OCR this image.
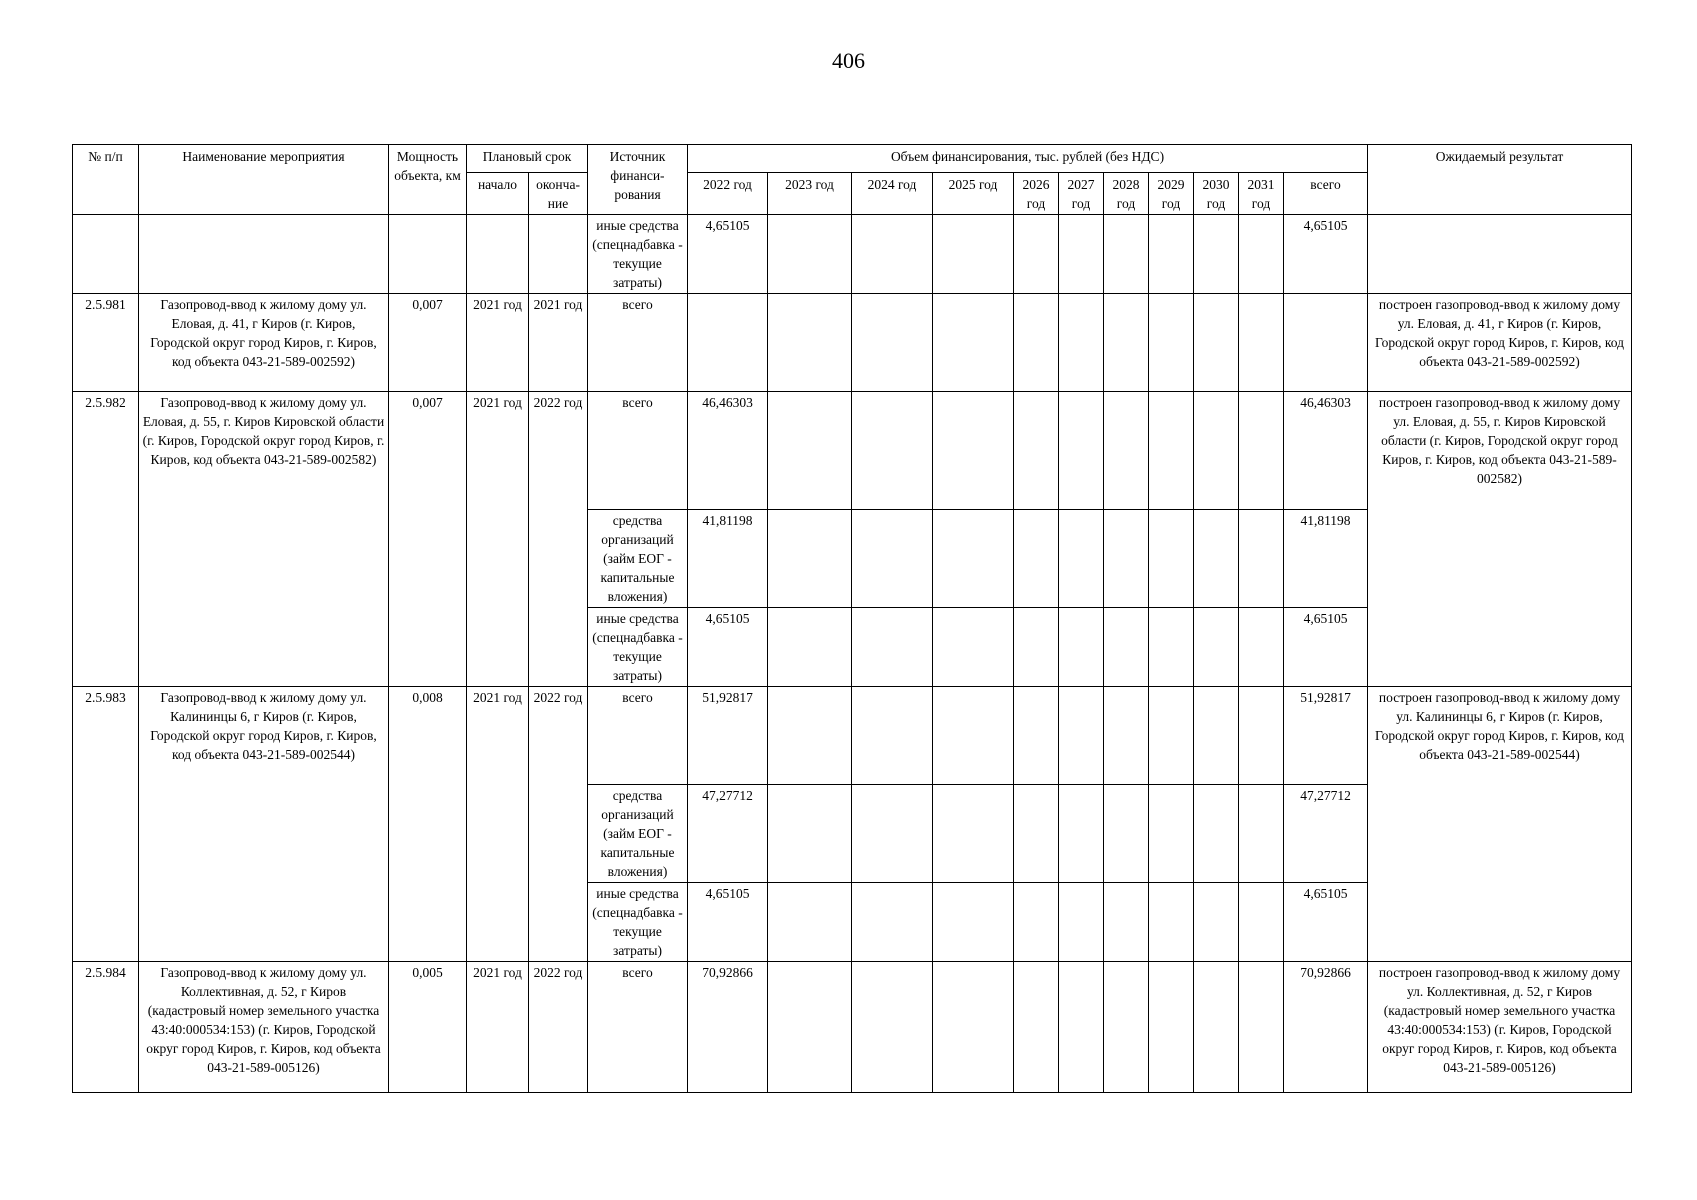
406
№ п/п	Наименование мероприятия	Мощность объекта, км	Плановый срок		Источник финанси-рования	Объем финансирования, тыс. рублей (без НДС)											Ожидаемый результат
			начало	оконча-ние		2022 год	2023 год	2024 год	2025 год	2026 год	2027 год	2028 год	2029 год	2030 год	2031 год	всего	
					иные средства (спецнадбавка - текущие затраты)	4,65105										4,65105	
2.5.981	Газопровод-ввод к жилому дому ул. Еловая, д. 41, г Киров (г. Киров, Городской округ город Киров, г. Киров, код объекта 043-21-589-002592)	0,007	2021 год	2021 год	всего												построен газопровод-ввод к жилому дому ул. Еловая, д. 41, г Киров (г. Киров, Городской округ город Киров, г. Киров, код объекта 043-21-589-002592)
2.5.982	Газопровод-ввод к жилому дому ул. Еловая, д. 55, г. Киров Кировской области (г. Киров, Городской округ город Киров, г. Киров, код объекта 043-21-589-002582)	0,007	2021 год	2022 год	всего	46,46303										46,46303	построен газопровод-ввод к жилому дому ул. Еловая, д. 55, г. Киров Кировской области (г. Киров, Городской округ город Киров, г. Киров, код объекта 043-21-589-002582)
					средства организаций (займ ЕОГ - капитальные вложения)	41,81198										41,81198	
					иные средства (спецнадбавка - текущие затраты)	4,65105										4,65105	
2.5.983	Газопровод-ввод к жилому дому ул. Калининцы 6, г Киров (г. Киров, Городской округ город Киров, г. Киров, код объекта 043-21-589-002544)	0,008	2021 год	2022 год	всего	51,92817										51,92817	построен газопровод-ввод к жилому дому ул. Калининцы 6, г Киров (г. Киров, Городской округ город Киров, г. Киров, код объекта 043-21-589-002544)
					средства организаций (займ ЕОГ - капитальные вложения)	47,27712										47,27712	
					иные средства (спецнадбавка - текущие затраты)	4,65105										4,65105	
2.5.984	Газопровод-ввод к жилому дому ул. Коллективная, д. 52, г Киров (кадастровый номер земельного участка 43:40:000534:153) (г. Киров, Городской округ город Киров, г. Киров, код объекта 043-21-589-005126)	0,005	2021 год	2022 год	всего	70,92866										70,92866	построен газопровод-ввод к жилому дому ул. Коллективная, д. 52, г Киров (кадастровый номер земельного участка 43:40:000534:153) (г. Киров, Городской округ город Киров, г. Киров, код объекта 043-21-589-005126)
